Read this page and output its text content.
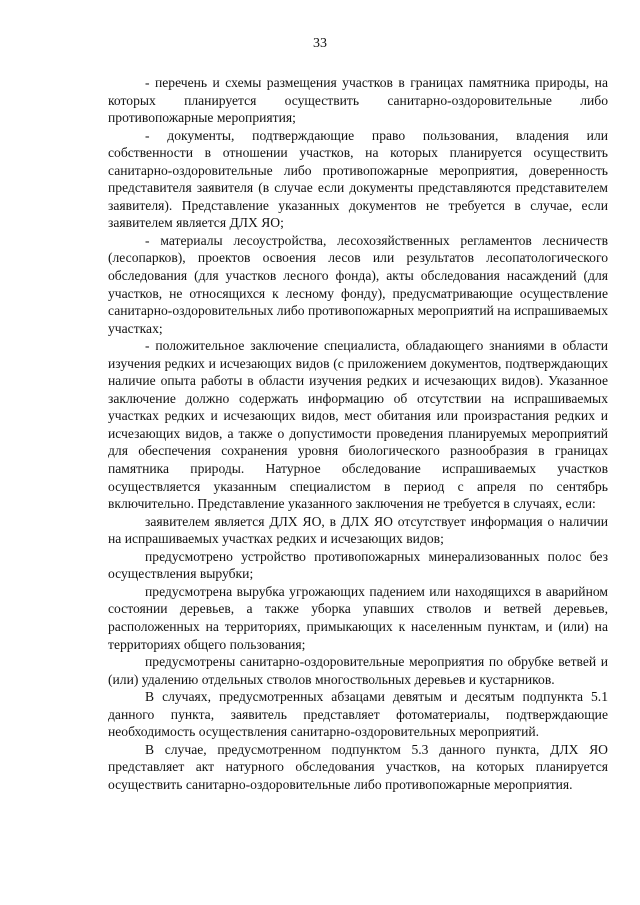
33

- перечень и схемы размещения участков в границах памятника природы, на которых планируется осуществить санитарно-оздоровительные либо противопожарные мероприятия;

- документы, подтверждающие право пользования, владения или собственности в отношении участков, на которых планируется осуществить санитарно-оздоровительные либо противопожарные мероприятия, доверенность представителя заявителя (в случае если документы представляются представителем заявителя). Представление указанных документов не требуется в случае, если заявителем является ДЛХ ЯО;

- материалы лесоустройства, лесохозяйственных регламентов лесничеств (лесопарков), проектов освоения лесов или результатов лесопатологического обследования (для участков лесного фонда), акты обследования насаждений (для участков, не относящихся к лесному фонду), предусматривающие осуществление санитарно-оздоровительных либо противопожарных мероприятий на испрашиваемых участках;

- положительное заключение специалиста, обладающего знаниями в области изучения редких и исчезающих видов (с приложением документов, подтверждающих наличие опыта работы в области изучения редких и исчезающих видов). Указанное заключение должно содержать информацию об отсутствии на испрашиваемых участках редких и исчезающих видов, мест обитания или произрастания редких и исчезающих видов, а также о допустимости проведения планируемых мероприятий для обеспечения сохранения уровня биологического разнообразия в границах памятника природы. Натурное обследование испрашиваемых участков осуществляется указанным специалистом в период с апреля по сентябрь включительно. Представление указанного заключения не требуется в случаях, если:

заявителем является ДЛХ ЯО, в ДЛХ ЯО отсутствует информация о наличии на испрашиваемых участках редких и исчезающих видов;

предусмотрено устройство противопожарных минерализованных полос без осуществления вырубки;

предусмотрена вырубка угрожающих падением или находящихся в аварийном состоянии деревьев, а также уборка упавших стволов и ветвей деревьев, расположенных на территориях, примыкающих к населенным пунктам, и (или) на территориях общего пользования;

предусмотрены санитарно-оздоровительные мероприятия по обрубке ветвей и (или) удалению отдельных стволов многоствольных деревьев и кустарников.

В случаях, предусмотренных абзацами девятым и десятым подпункта 5.1 данного пункта, заявитель представляет фотоматериалы, подтверждающие необходимость осуществления санитарно-оздоровительных мероприятий.

В случае, предусмотренном подпунктом 5.3 данного пункта, ДЛХ ЯО представляет акт натурного обследования участков, на которых планируется осуществить санитарно-оздоровительные либо противопожарные мероприятия.
